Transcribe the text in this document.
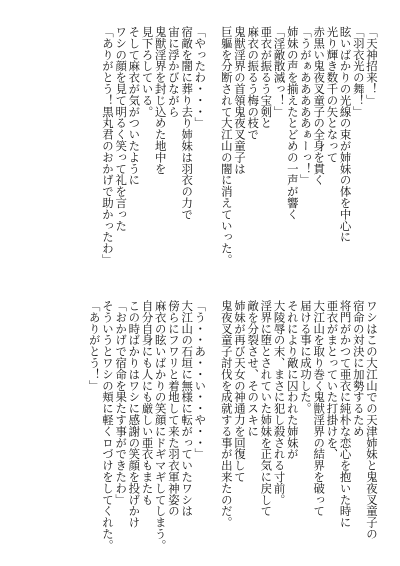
「天神招来！」

「羽衣光の舞！」

眩いばかりの光線の束が姉妹の体を中心に

光り輝き数千の矢となって

赤黒い鬼夜叉童子の全身を貫く

「うがぁあああああぁーっ！」

姉妹の声を揃えたとどめの一声が響く

「淫敵散滅っ！」

亜衣が振るう宝剣と

麻衣の振るう梅の枝で

鬼獣淫界の首領鬼夜叉童子は

巨軀を分断されて大江山の闇に消えていった。

「やったわ・・・」

宿敵を闇に葬り去り姉妹は羽衣の力で

宙に浮かびながら

鬼獣淫界を封じ込めた地中を

見下ろしている。

そして麻衣が気がついたように

ワシの顔を見て明るく笑って礼を言った

「ありがとう！黒丸君のおかげで助かったわ」

ワシはこの大江山での天津姉妹と鬼夜叉童子の

宿命の対決に加勢するため

将門がかつて亜衣に純朴な恋心を抱いた時に

亜衣がまとっていた打掛けを、

大江山を取り巻く鬼獣淫界の結界を破って

届ける事に成功した。

それにより敵に囚われた姉妹が

大陵辱の末、まさに犯し殺される寸前。

淫界に堕とされていた姉妹を正気に戻して

敵を分裂させ、そのスキに

姉妹が再び天女の神通力を回復して

鬼夜叉童子討伐を成就する事が出来たのだ。

「う・・あ・・い・・や・・」

大江山の石垣に無様に転がっていたワシは

傍らにフワリと着地して来た羽衣軍神姿の

麻衣の眩いばかりの笑顔にドギマギしてしまう。

自分自身にも人にも厳しい亜衣もまたも

この時ばかりはワシに感謝の笑顔を投げかけ

「おかげで宿命を果たす事ができたわ」

そういうとワシの頬に軽くロづけをしてくれた。

「ありがとう！」
